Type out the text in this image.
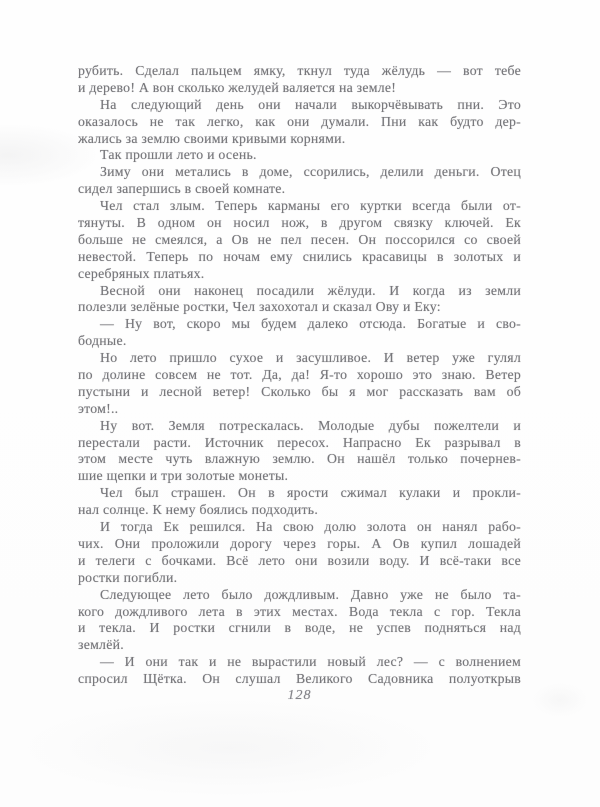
рубить. Сделал пальцем ямку, ткнул туда жёлудь — вот тебе
и дерево! А вон сколько желудей валяется на земле!
На следующий день они начали выкорчёвывать пни. Это
оказалось не так легко, как они думали. Пни как будто дер-
жались за землю своими кривыми корнями.
Так прошли лето и осень.
Зиму они метались в доме, ссорились, делили деньги. Отец
сидел запершись в своей комнате.
Чел стал злым. Теперь карманы его куртки всегда были от-
тянуты. В одном он носил нож, в другом связку ключей. Ек
больше не смеялся, а Ов не пел песен. Он поссорился со своей
невестой. Теперь по ночам ему снились красавицы в золотых и
серебряных платьях.
Весной они наконец посадили жёлуди. И когда из земли
полезли зелёные ростки, Чел захохотал и сказал Ову и Еку:
— Ну вот, скоро мы будем далеко отсюда. Богатые и сво-
бодные.
Но лето пришло сухое и засушливое. И ветер уже гулял
по долине совсем не тот. Да, да! Я-то хорошо это знаю. Ветер
пустыни и лесной ветер! Сколько бы я мог рассказать вам об
этом!..
Ну вот. Земля потрескалась. Молодые дубы пожелтели и
перестали расти. Источник пересох. Напрасно Ек разрывал в
этом месте чуть влажную землю. Он нашёл только почернев-
шие щепки и три золотые монеты.
Чел был страшен. Он в ярости сжимал кулаки и прокли-
нал солнце. К нему боялись подходить.
И тогда Ек решился. На свою долю золота он нанял рабо-
чих. Они проложили дорогу через горы. А Ов купил лошадей
и телеги с бочками. Всё лето они возили воду. И всё-таки все
ростки погибли.
Следующее лето было дождливым. Давно уже не было та-
кого дождливого лета в этих местах. Вода текла с гор. Текла
и текла. И ростки сгнили в воде, не успев подняться над
землёй.
— И они так и не вырастили новый лес? — с волнением
спросил Щётка. Он слушал Великого Садовника полуоткрыв
128
